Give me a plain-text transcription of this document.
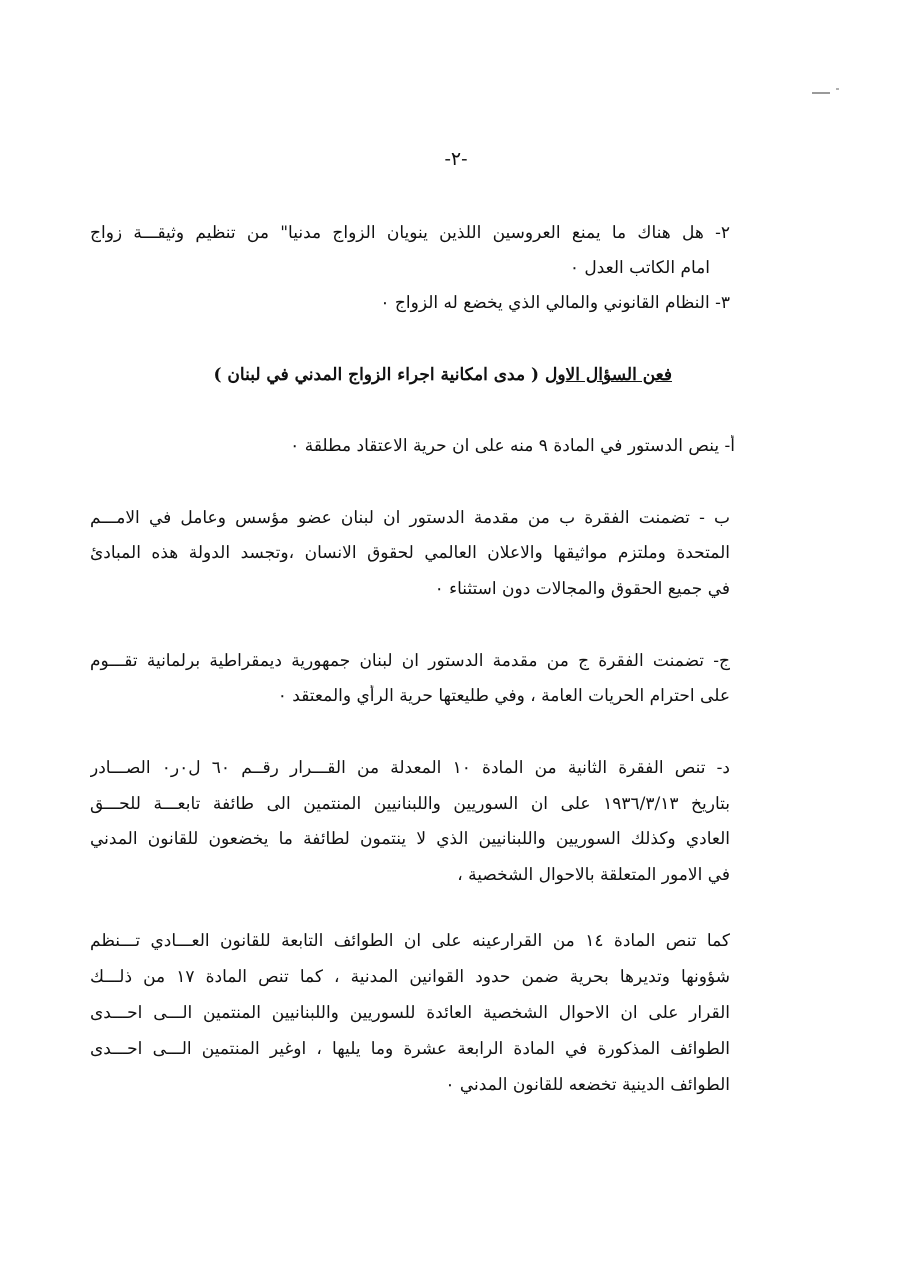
-٢-
٢- هل هناك ما يمنع العروسين اللذين ينويان الزواج مدنيا" من تنظيم وثيقـــة زواج
امام الكاتب العدل ٠
٣- النظام القانوني والمالي الذي يخضع له الزواج ٠
فعن السؤال الاول ( مدى امكانية اجراء الزواج المدني في لبنان )
أ- ينص الدستور في المادة ٩ منه على ان حرية الاعتقاد مطلقة ٠
ب - تضمنت الفقرة ب من مقدمة الدستور ان لبنان عضو مؤسس وعامل في الامـــم
المتحدة وملتزم مواثيقها والاعلان العالمي لحقوق الانسان ،وتجسد الدولة هذه المبادئ
في جميع الحقوق والمجالات دون استثناء ٠
ج- تضمنت الفقرة ج من مقدمة الدستور ان لبنان جمهورية ديمقراطية برلمانية تقـــوم
على احترام الحريات العامة ، وفي طليعتها حرية الرأي والمعتقد ٠
د- تنص الفقرة الثانية من المادة ١٠ المعدلة من القـــرار رقــم ٦٠ ل٠ر٠ الصـــادر
بتاريخ ١٩٣٦/٣/١٣ على ان السوريين واللبنانيين المنتمين الى طائفة تابعـــة للحـــق
العادي وكذلك السوريين واللبنانيين الذي لا ينتمون لطائفة ما يخضعون للقانون المدني
في الامور المتعلقة بالاحوال الشخصية ،
كما تنص المادة ١٤ من القرارعينه على ان الطوائف التابعة للقانون العـــادي تـــنظم
شؤونها وتديرها بحرية ضمن حدود القوانين المدنية ، كما تنص المادة ١٧ من ذلـــك
القرار على ان الاحوال الشخصية العائدة للسوريين واللبنانيين المنتمين الـــى احـــدى
الطوائف المذكورة في المادة الرابعة عشرة وما يليها ، اوغير المنتمين الـــى احـــدى
الطوائف الدينية تخضعه للقانون المدني ٠
